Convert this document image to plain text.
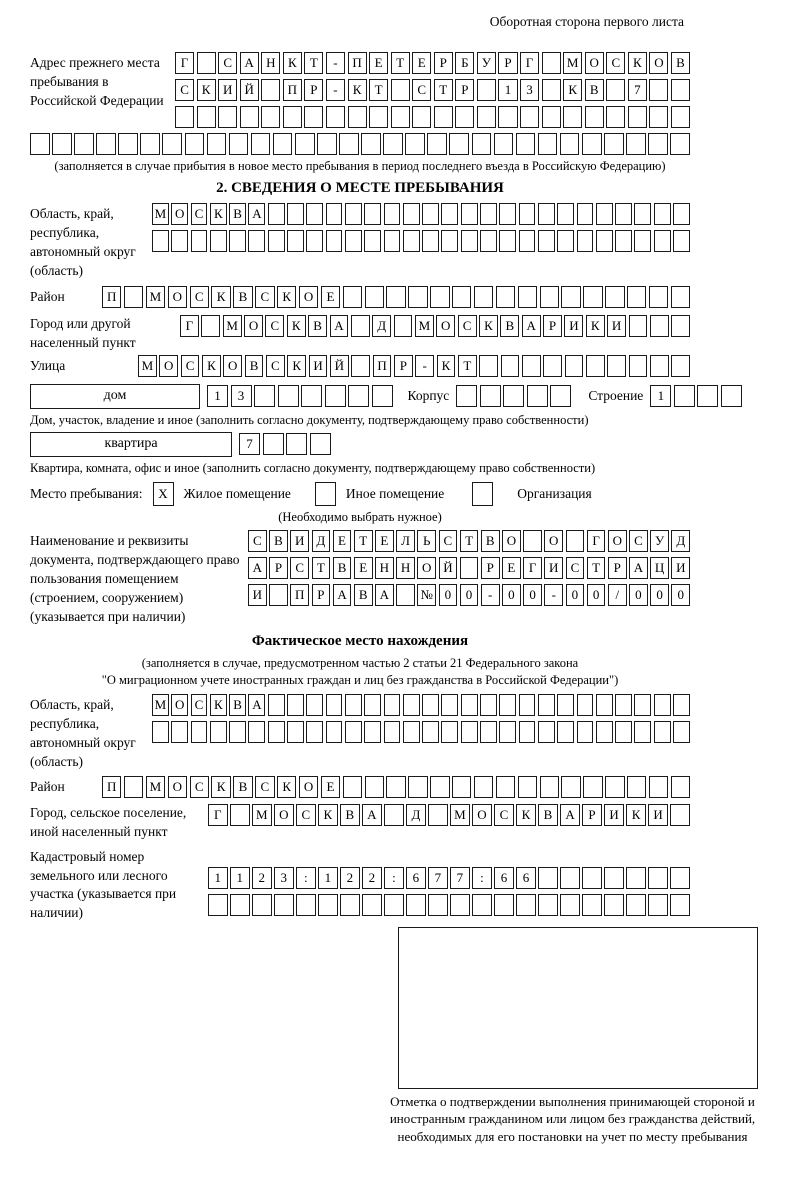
Оборотная сторона первого листа
Адрес прежнего места пребывания в Российской Федерации
Г	С А Н К	Т	-	П Е	Т	Е	Р	Б	У	Р	Г	М О С К О В
С К И Й	П	Р	-	К	Т	С	Т	Р	1	3	К В	7
(заполняется в случае прибытия в новое место пребывания в период последнего въезда в Российскую Федерацию)
2. СВЕДЕНИЯ О МЕСТЕ ПРЕБЫВАНИЯ
Область, край, республика, автономный округ (область)
М О С К В А
Район	П	М О С	К	В	С	К О	Е
Город или другой населенный пункт
Г	М О С К В А	Д	М О С К В А	Р	И К И
Улица	М О С К О В С К И Й	П	Р	-	К	Т
дом	1	3	Корпус	Строение	1
Дом, участок, владение и иное (заполнить согласно документу, подтверждающему право собственности)
квартира	7
Квартира, комната, офис и иное (заполнить согласно документу, подтверждающему право собственности)
Место пребывания:	X	Жилое помещение	Иное помещение	Организация
(Необходимо выбрать нужное)
Наименование и реквизиты документа, подтверждающего право пользования помещением (строением, сооружением) (указывается при наличии)
С В И Д Е	Т	Е Л	Ь	С Т В О	О	Г О С У Д
А Р	С Т В Е Н Н О Й	Р	Е	Г И С Т	Р А Ц И
И	П Р А В А	№ 0	0	-	0	0	-	0	0	/	0	0	0
Фактическое место нахождения
(заполняется в случае, предусмотренном частью 2 статьи 21 Федерального закона
"О миграционном учете иностранных граждан и лиц без гражданства в Российской Федерации")
Область, край, республика, автономный округ (область)
М О С К В А
Район	П	М О С	К	В	С	К О	Е
Город, сельское поселение, иной населенный пункт
Г	М О С	К	В А	Д	М О С	К	В А	Р	И К И
Кадастровый номер земельного или лесного участка (указывается при наличии)
1	1	2	3	:	1	2	2	:	6	7	7	:	6	6
Отметка о подтверждении выполнения принимающей стороной и иностранным гражданином или лицом без гражданства действий, необходимых для его постановки на учет по месту пребывания
